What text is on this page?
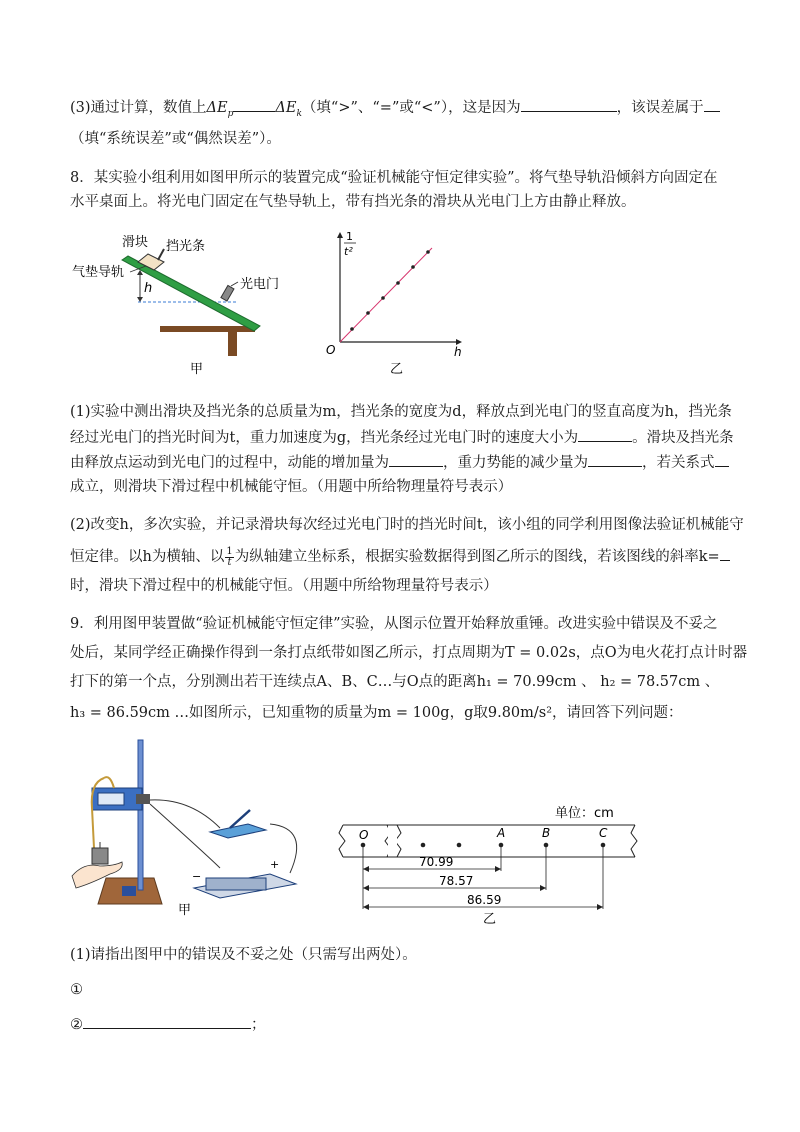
(3)通过计算，数值上$\Delta E_p$	$\Delta E_k$（填“>”、“=”或“<”），这是因为	，该误差属于
（填“系统误差”或“偶然误差”）。
8．某实验小组利用如图甲所示的装置完成“验证机械能守恒定律实验”。将气垫导轨沿倾斜方向固定在
水平桌面上。将光电门固定在气垫导轨上，带有挡光条的滑块从光电门上方由静止释放。
滑块 挡光条
气垫导轨
h	光电门
甲
1
t²
O	h
乙
(1)实验中测出滑块及挡光条的总质量为m，挡光条的宽度为d，释放点到光电门的竖直高度为h，挡光条
经过光电门的挡光时间为t，重力加速度为g，挡光条经过光电门时的速度大小为	。滑块及挡光条
由释放点运动到光电门的过程中，动能的增加量为	，重力势能的减少量为	，若关系式
成立，则滑块下滑过程中机械能守恒。（用题中所给物理量符号表示）
(2)改变h，多次实验，并记录滑块每次经过光电门时的挡光时间t，该小组的同学利用图像法验证机械能守
恒定律。以h为横轴、以 $\frac{1}{t}$ 为纵轴建立坐标系，根据实验数据得到图乙所示的图线，若该图线的斜率k=
时，滑块下滑过程中的机械能守恒。（用题中所给物理量符号表示）
9．利用图甲装置做“验证机械能守恒定律”实验，从图示位置开始释放重锤。改进实验中错误及不妥之
处后，某同学经正确操作得到一条打点纸带如图乙所示，打点周期为T = 0.02s，点O为电火花打点计时器
打下的第一个点，分别测出若干连续点A、B、C…与O点的距离h₁ = 70.99cm 、 h₂ = 78.57cm 、
h₃ = 86.59cm …如图所示，已知重物的质量为m = 100g，g取9.80m/s²，请回答下列问题：
−
+
甲
单位：cm
O	A	B	C
70.99
78.57
86.59
乙
(1)请指出图甲中的错误及不妥之处（只需写出两处）。
①
②	；
